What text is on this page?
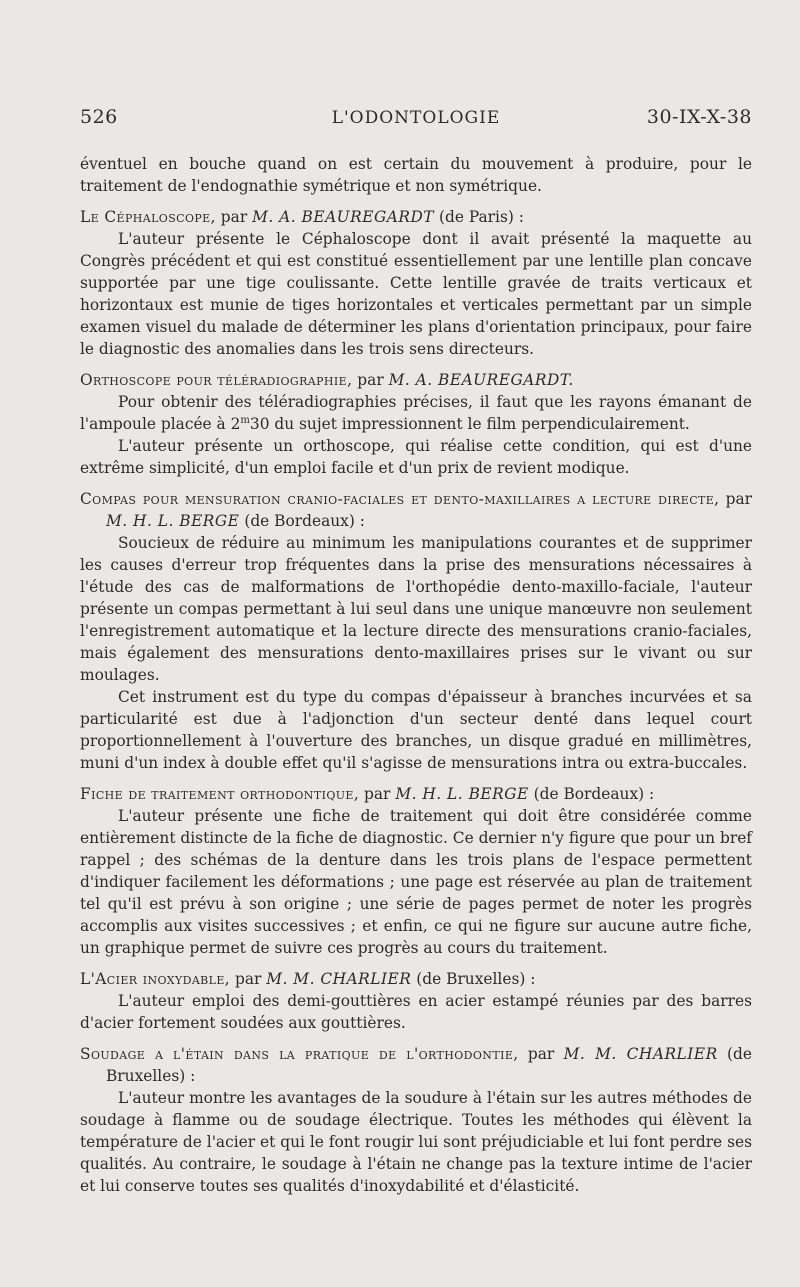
526	L'ODONTOLOGIE	30-IX-X-38

éventuel en bouche quand on est certain du mouvement à produire, pour le traitement de l'endognathie symétrique et non symétrique.

Le Céphaloscope, par M. A. BEAUREGARDT (de Paris) :

L'auteur présente le Céphaloscope dont il avait présenté la maquette au Congrès précédent et qui est constitué essentiellement par une lentille plan concave supportée par une tige coulissante. Cette lentille gravée de traits verticaux et horizontaux est munie de tiges horizontales et verticales permettant par un simple examen visuel du malade de déterminer les plans d'orientation principaux, pour faire le diagnostic des anomalies dans les trois sens directeurs.

Orthoscope pour téléradiographie, par M. A. BEAUREGARDT.

Pour obtenir des téléradiographies précises, il faut que les rayons émanant de l'ampoule placée à 2$^m$30 du sujet impressionnent le film perpendiculairement.

L'auteur présente un orthoscope, qui réalise cette condition, qui est d'une extrême simplicité, d'un emploi facile et d'un prix de revient modique.

Compas pour mensuration cranio-faciales et dento-maxillaires a lecture directe, par M. H. L. BERGE (de Bordeaux) :

Soucieux de réduire au minimum les manipulations courantes et de supprimer les causes d'erreur trop fréquentes dans la prise des mensurations nécessaires à l'étude des cas de malformations de l'orthopédie dento-maxillo-faciale, l'auteur présente un compas permettant à lui seul dans une unique manœuvre non seulement l'enregistrement automatique et la lecture directe des mensurations cranio-faciales, mais également des mensurations dento-maxillaires prises sur le vivant ou sur moulages.

Cet instrument est du type du compas d'épaisseur à branches incurvées et sa particularité est due à l'adjonction d'un secteur denté dans lequel court proportionnellement à l'ouverture des branches, un disque gradué en millimètres, muni d'un index à double effet qu'il s'agisse de mensurations intra ou extra-buccales.

Fiche de traitement orthodontique, par M. H. L. BERGE (de Bordeaux) :

L'auteur présente une fiche de traitement qui doit être considérée comme entièrement distincte de la fiche de diagnostic. Ce dernier n'y figure que pour un bref rappel ; des schémas de la denture dans les trois plans de l'espace permettent d'indiquer facilement les déformations ; une page est réservée au plan de traitement tel qu'il est prévu à son origine ; une série de pages permet de noter les progrès accomplis aux visites successives ; et enfin, ce qui ne figure sur aucune autre fiche, un graphique permet de suivre ces progrès au cours du traitement.

L'Acier inoxydable, par M. M. CHARLIER (de Bruxelles) :

L'auteur emploi des demi-gouttières en acier estampé réunies par des barres d'acier fortement soudées aux gouttières.

Soudage a l'étain dans la pratique de l'orthodontie, par M. M. CHARLIER (de Bruxelles) :

L'auteur montre les avantages de la soudure à l'étain sur les autres méthodes de soudage à flamme ou de soudage électrique. Toutes les méthodes qui élèvent la température de l'acier et qui le font rougir lui sont préjudiciable et lui font perdre ses qualités. Au contraire, le soudage à l'étain ne change pas la texture intime de l'acier et lui conserve toutes ses qualités d'inoxydabilité et d'élasticité.
